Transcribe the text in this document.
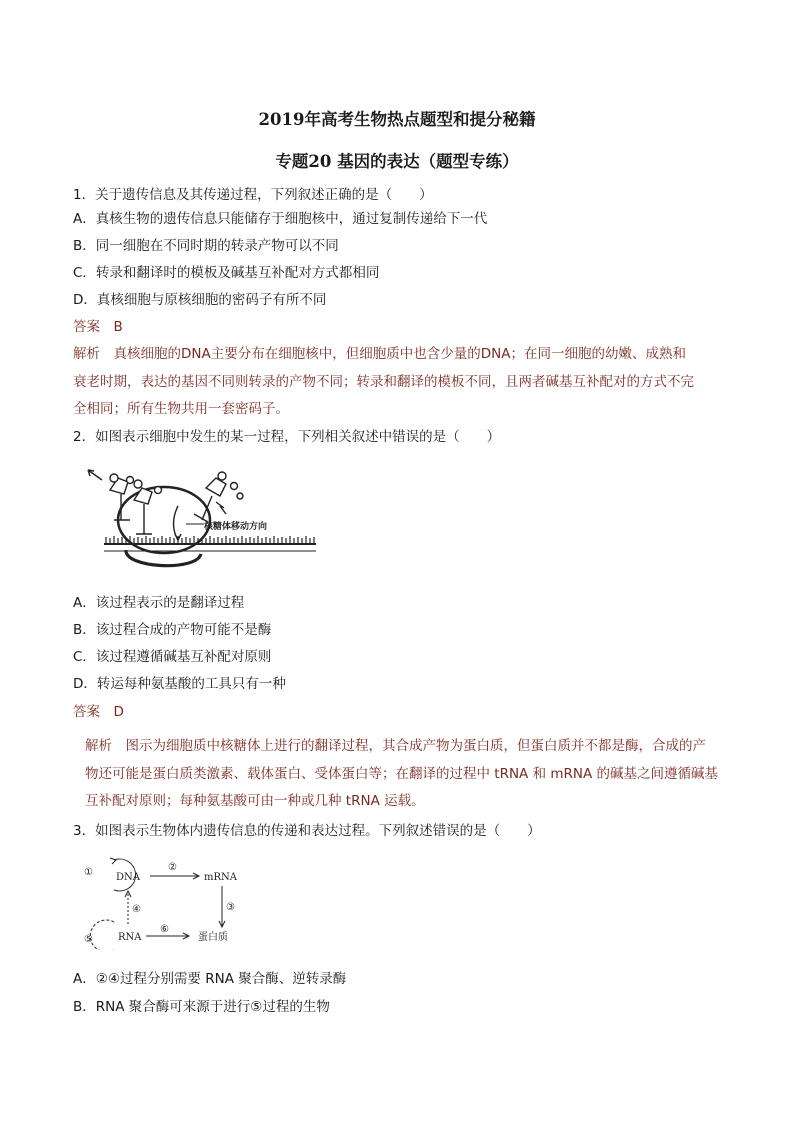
2019年高考生物热点题型和提分秘籍
专题20 基因的表达（题型专练）
1．关于遗传信息及其传递过程，下列叙述正确的是（　　）
A．真核生物的遗传信息只能储存于细胞核中，通过复制传递给下一代
B．同一细胞在不同时期的转录产物可以不同
C．转录和翻译时的模板及碱基互补配对方式都相同
D．真核细胞与原核细胞的密码子有所不同
答案　B
解析　真核细胞的DNA主要分布在细胞核中，但细胞质中也含少量的DNA；在同一细胞的幼嫩、成熟和
衰老时期，表达的基因不同则转录的产物不同；转录和翻译的模板不同，且两者碱基互补配对的方式不完
全相同；所有生物共用一套密码子。
2．如图表示细胞中发生的某一过程，下列相关叙述中错误的是（　　）
核糖体移动方向
A．该过程表示的是翻译过程
B．该过程合成的产物可能不是酶
C．该过程遵循碱基互补配对原则
D．转运每种氨基酸的工具只有一种
答案　D
解析　图示为细胞质中核糖体上进行的翻译过程，其合成产物为蛋白质，但蛋白质并不都是酶，合成的产
物还可能是蛋白质类激素、载体蛋白、受体蛋白等；在翻译的过程中 tRNA 和 mRNA 的碱基之间遵循碱基
互补配对原则；每种氨基酸可由一种或几种 tRNA 运载。
3．如图表示生物体内遗传信息的传递和表达过程。下列叙述错误的是（　　）
DNA	mRNA
RNA	蛋白质
①	②
③
④
⑤
⑥
A．②④过程分别需要 RNA 聚合酶、逆转录酶
B．RNA 聚合酶可来源于进行⑤过程的生物
